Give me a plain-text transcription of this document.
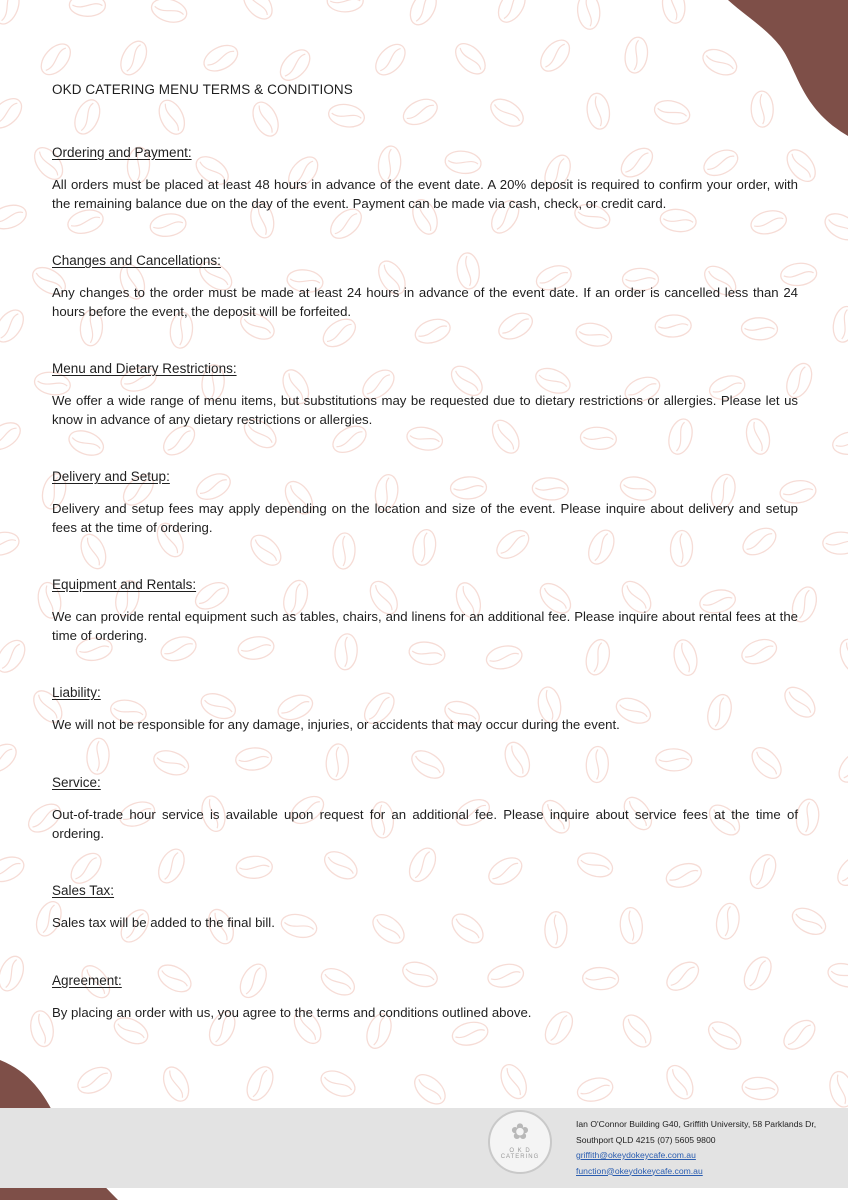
OKD CATERING MENU TERMS & CONDITIONS
Ordering and Payment:

All orders must be placed at least 48 hours in advance of the event date. A 20% deposit is required to confirm your order, with the remaining balance due on the day of the event. Payment can be made via cash, check, or credit card.

Changes and Cancellations:

Any changes to the order must be made at least 24 hours in advance of the event date. If an order is cancelled less than 24 hours before the event, the deposit will be forfeited.

Menu and Dietary Restrictions:

We offer a wide range of menu items, but substitutions may be requested due to dietary restrictions or allergies. Please let us know in advance of any dietary restrictions or allergies.

Delivery and Setup:

Delivery and setup fees may apply depending on the location and size of the event. Please inquire about delivery and setup fees at the time of ordering.

Equipment and Rentals:

We can provide rental equipment such as tables, chairs, and linens for an additional fee. Please inquire about rental fees at the time of ordering.

Liability:

We will not be responsible for any damage, injuries, or accidents that may occur during the event.

Service:

Out-of-trade hour service is available upon request for an additional fee. Please inquire about service fees at the time of ordering.

Sales Tax:

Sales tax will be added to the final bill.

Agreement:

By placing an order with us, you agree to the terms and conditions outlined above.

✿
O K D
CATERING
Ian O'Connor Building G40, Griffith University, 58 Parklands Dr,
Southport QLD 4215 (07) 5605 9800
griffith@okeydokeycafe.com.au
function@okeydokeycafe.com.au
